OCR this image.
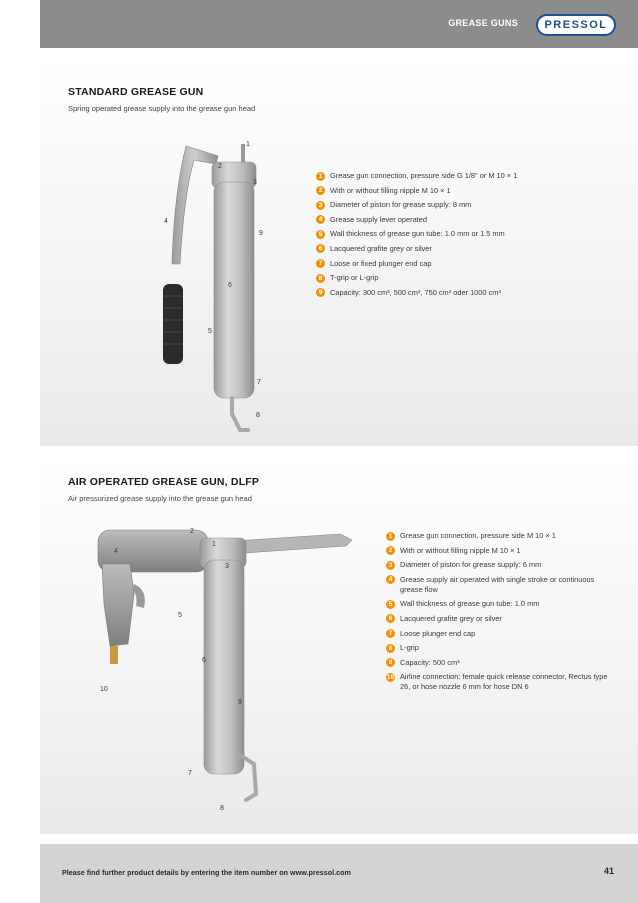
GREASE GUNS	PRESSOL
STANDARD GREASE GUN
Spring operated grease supply into the grease gun head
1
2
3
4
5
6
7
8
9
1	Grease gun connection, pressure side G 1/8" or M 10 × 1
2	With or without filling nipple M 10 × 1
3	Diameter of piston for grease supply: 8 mm
4	Grease supply lever operated
5	Wall thickness of grease gun tube: 1.0 mm or 1.5 mm
6	Lacquered grafite grey or silver
7	Loose or fixed plunger end cap
8	T-grip or L-grip
9	Capacity: 300 cm³, 500 cm³, 750 cm³ oder 1000 cm³
AIR OPERATED GREASE GUN, DLFP
Air pressurized grease supply into the grease gun head
2
1
4
3
5
6
10
9
7
8
1	Grease gun connection, pressure side M 10 × 1
2	With or without filling nipple M 10 × 1
3	Diameter of piston for grease supply: 6 mm
4	Grease supply air operated with single stroke or continuous grease flow
5	Wall thickness of grease gun tube: 1.0 mm
6	Lacquered grafite grey or silver
7	Loose plunger end cap
8	L-grip
9	Capacity: 500 cm³
10 Airline connection: female quick release connector, Rectus type 26, or hose nozzle 6 mm for hose DN 6
Please find further product details by entering the item number on www.pressol.com	41
